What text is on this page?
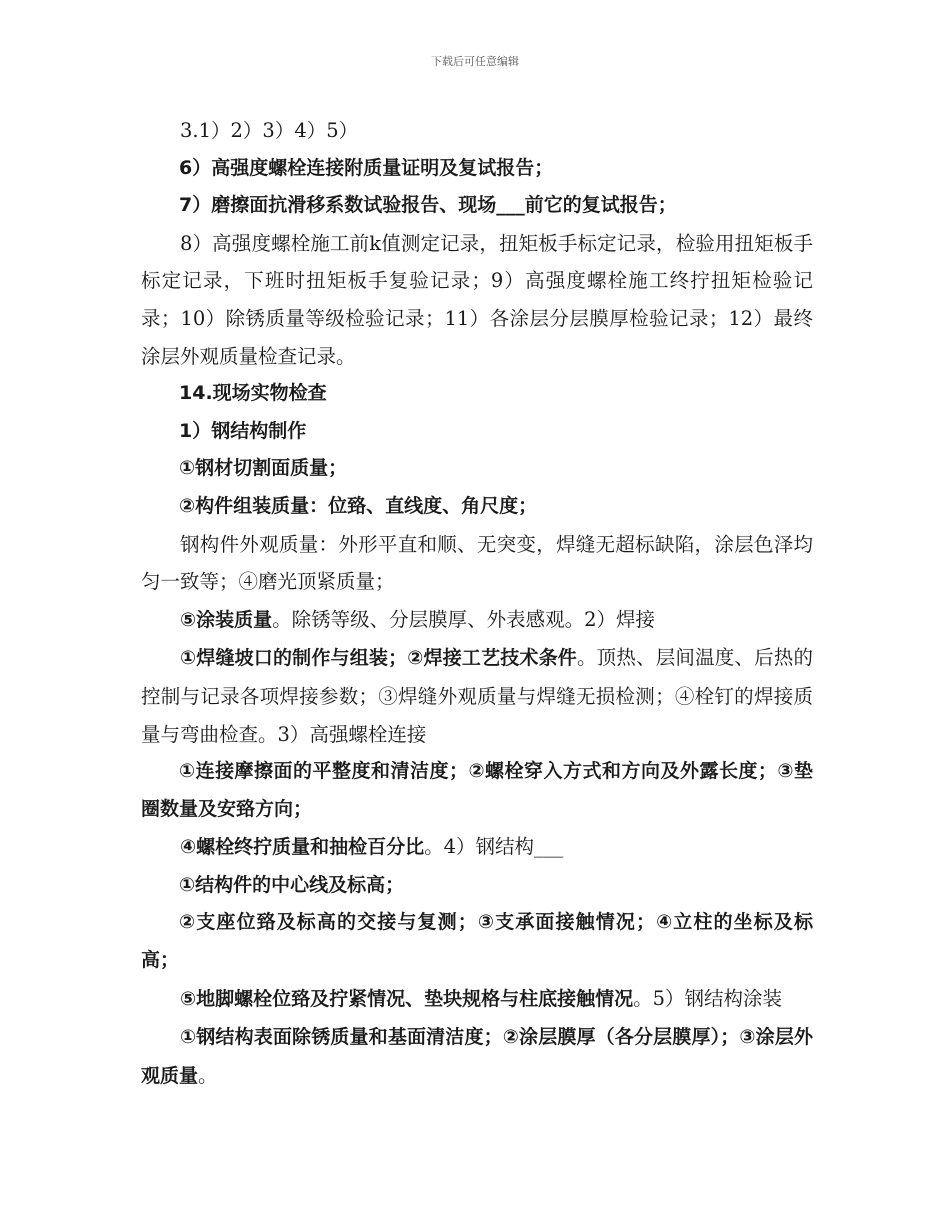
下载后可任意编辑

3.1）2）3）4）5）

6）高强度螺栓连接附质量证明及复试报告；

7）磨擦面抗滑移系数试验报告、现场___前它的复试报告；

8）高强度螺栓施工前k值测定记录，扭矩板手标定记录，检验用扭矩板手标定记录，下班时扭矩板手复验记录；9）高强度螺栓施工终拧扭矩检验记录；10）除锈质量等级检验记录；11）各涂层分层膜厚检验记录；12）最终涂层外观质量检查记录。

14.现场实物检查

1）钢结构制作

①钢材切割面质量；

②构件组装质量：位臵、直线度、角尺度；

钢构件外观质量：外形平直和顺、无突变，焊缝无超标缺陷，涂层色泽均匀一致等；④磨光顶紧质量；

⑤涂装质量。除锈等级、分层膜厚、外表感观。2）焊接

①焊缝坡口的制作与组装；②焊接工艺技术条件。顶热、层间温度、后热的控制与记录各项焊接参数；③焊缝外观质量与焊缝无损检测；④栓钉的焊接质量与弯曲检查。3）高强螺栓连接

①连接摩擦面的平整度和清洁度；②螺栓穿入方式和方向及外露长度；③垫圈数量及安臵方向；

④螺栓终拧质量和抽检百分比。4）钢结构___

①结构件的中心线及标高；

②支座位臵及标高的交接与复测；③支承面接触情况；④立柱的坐标及标高；

⑤地脚螺栓位臵及拧紧情况、垫块规格与柱底接触情况。5）钢结构涂装

①钢结构表面除锈质量和基面清洁度；②涂层膜厚（各分层膜厚）；③涂层外观质量。
